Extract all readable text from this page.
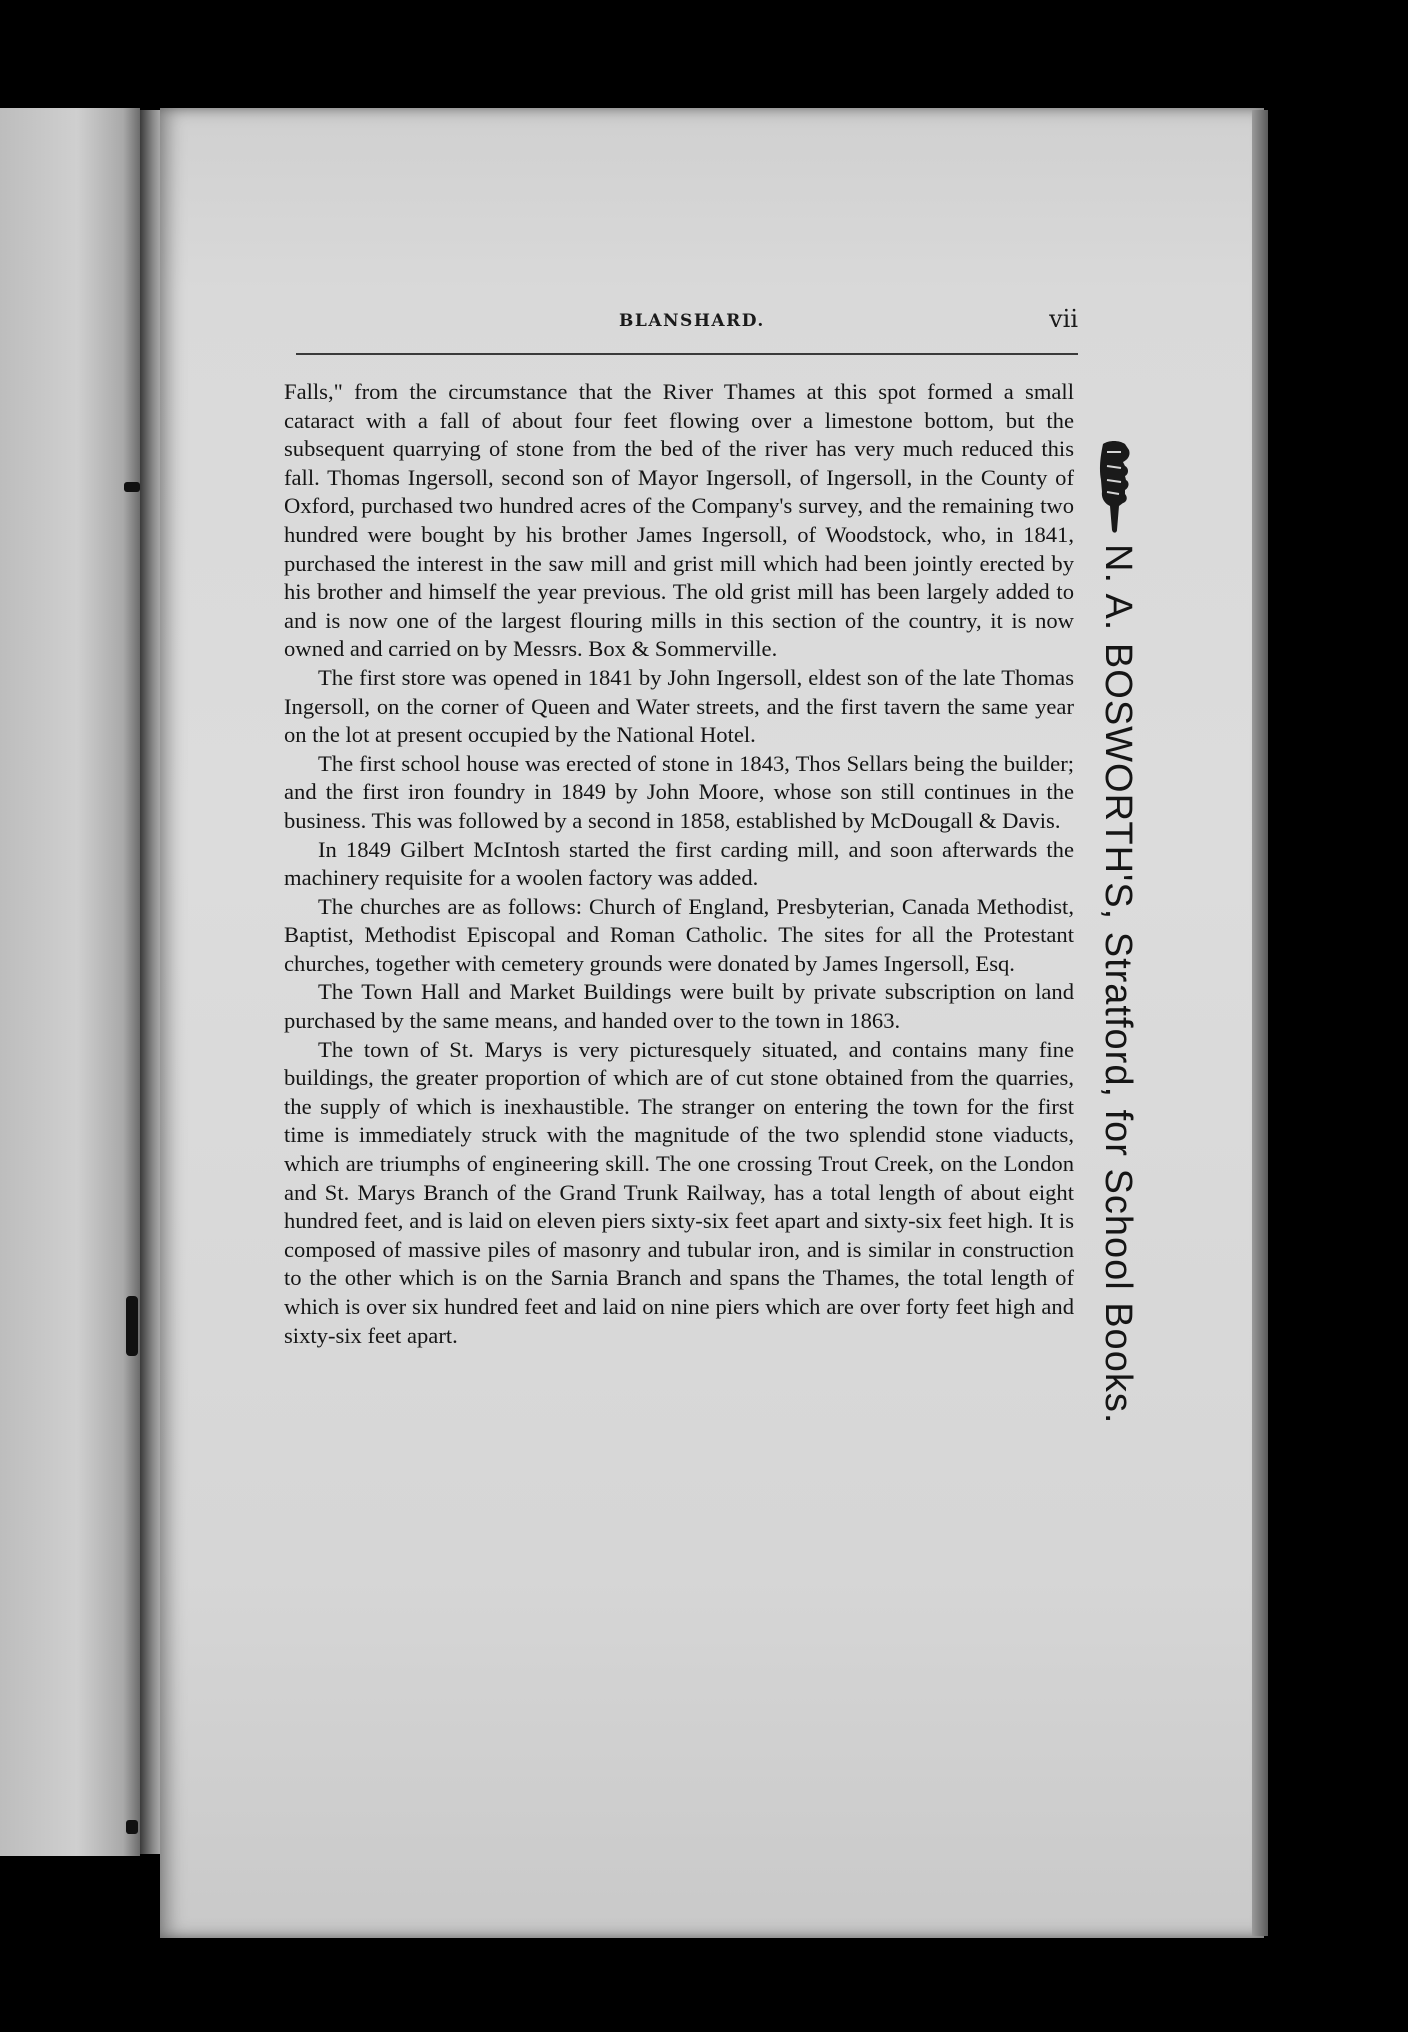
BLANSHARD.	vii

Falls," from the circumstance that the River Thames at this spot formed a small cataract with a fall of about four feet flowing over a limestone bottom, but the subsequent quarrying of stone from the bed of the river has very much reduced this fall. Thomas Ingersoll, second son of Mayor Ingersoll, of Ingersoll, in the County of Oxford, purchased two hundred acres of the Company's survey, and the remaining two hundred were bought by his brother James Ingersoll, of Woodstock, who, in 1841, purchased the interest in the saw mill and grist mill which had been jointly erected by his brother and himself the year previous. The old grist mill has been largely added to and is now one of the largest flouring mills in this section of the country, it is now owned and carried on by Messrs. Box & Sommerville.

The first store was opened in 1841 by John Ingersoll, eldest son of the late Thomas Ingersoll, on the corner of Queen and Water streets, and the first tavern the same year on the lot at present occupied by the National Hotel.

The first school house was erected of stone in 1843, Thos Sellars being the builder; and the first iron foundry in 1849 by John Moore, whose son still continues in the business. This was followed by a second in 1858, established by McDougall & Davis.

In 1849 Gilbert McIntosh started the first carding mill, and soon afterwards the machinery requisite for a woolen factory was added.

The churches are as follows: Church of England, Presbyterian, Canada Methodist, Baptist, Methodist Episcopal and Roman Catholic. The sites for all the Protestant churches, together with cemetery grounds were donated by James Ingersoll, Esq.

The Town Hall and Market Buildings were built by private subscription on land purchased by the same means, and handed over to the town in 1863.

The town of St. Marys is very picturesquely situated, and contains many fine buildings, the greater proportion of which are of cut stone obtained from the quarries, the supply of which is inexhaustible. The stranger on entering the town for the first time is immediately struck with the magnitude of the two splendid stone viaducts, which are triumphs of engineering skill. The one crossing Trout Creek, on the London and St. Marys Branch of the Grand Trunk Railway, has a total length of about eight hundred feet, and is laid on eleven piers sixty-six feet apart and sixty-six feet high. It is composed of massive piles of masonry and tubular iron, and is similar in construction to the other which is on the Sarnia Branch and spans the Thames, the total length of which is over six hundred feet and laid on nine piers which are over forty feet high and sixty-six feet apart.	N. A. BOSWORTH'S, Stratford, for School Books.
